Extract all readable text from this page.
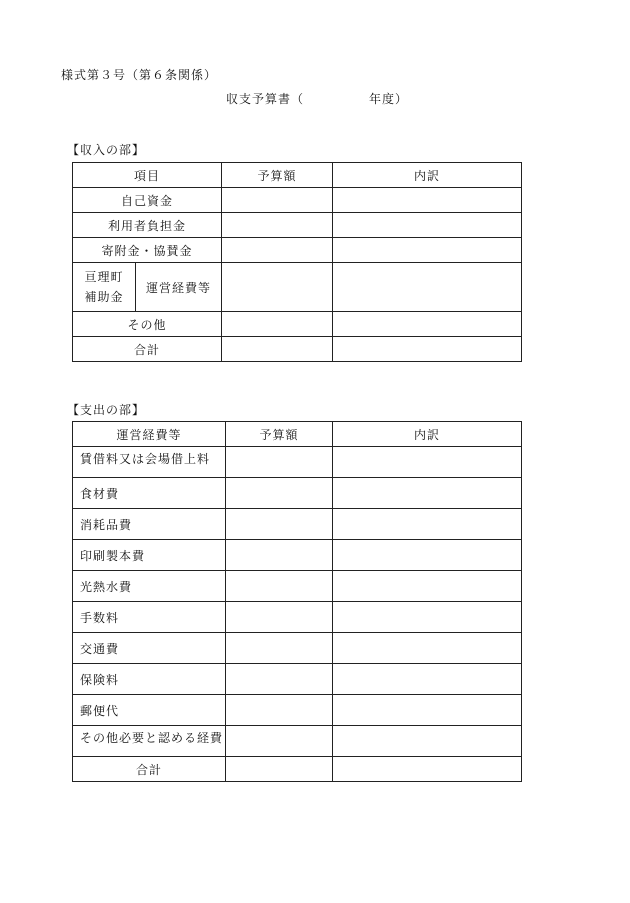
様式第３号（第６条関係）
収支予算書（　　　　　年度）
【収入の部】
項目		予算額	内訳
自己資金			
利用者負担金			
寄附金・協賛金			
亘理町
補助金	運営経費等		
その他			
合計			
【支出の部】
運営経費等	予算額	内訳
賃借料又は会場借上料		
食材費		
消耗品費		
印刷製本費		
光熱水費		
手数料		
交通費		
保険料		
郵便代		
その他必要と認める経費		
合計		
